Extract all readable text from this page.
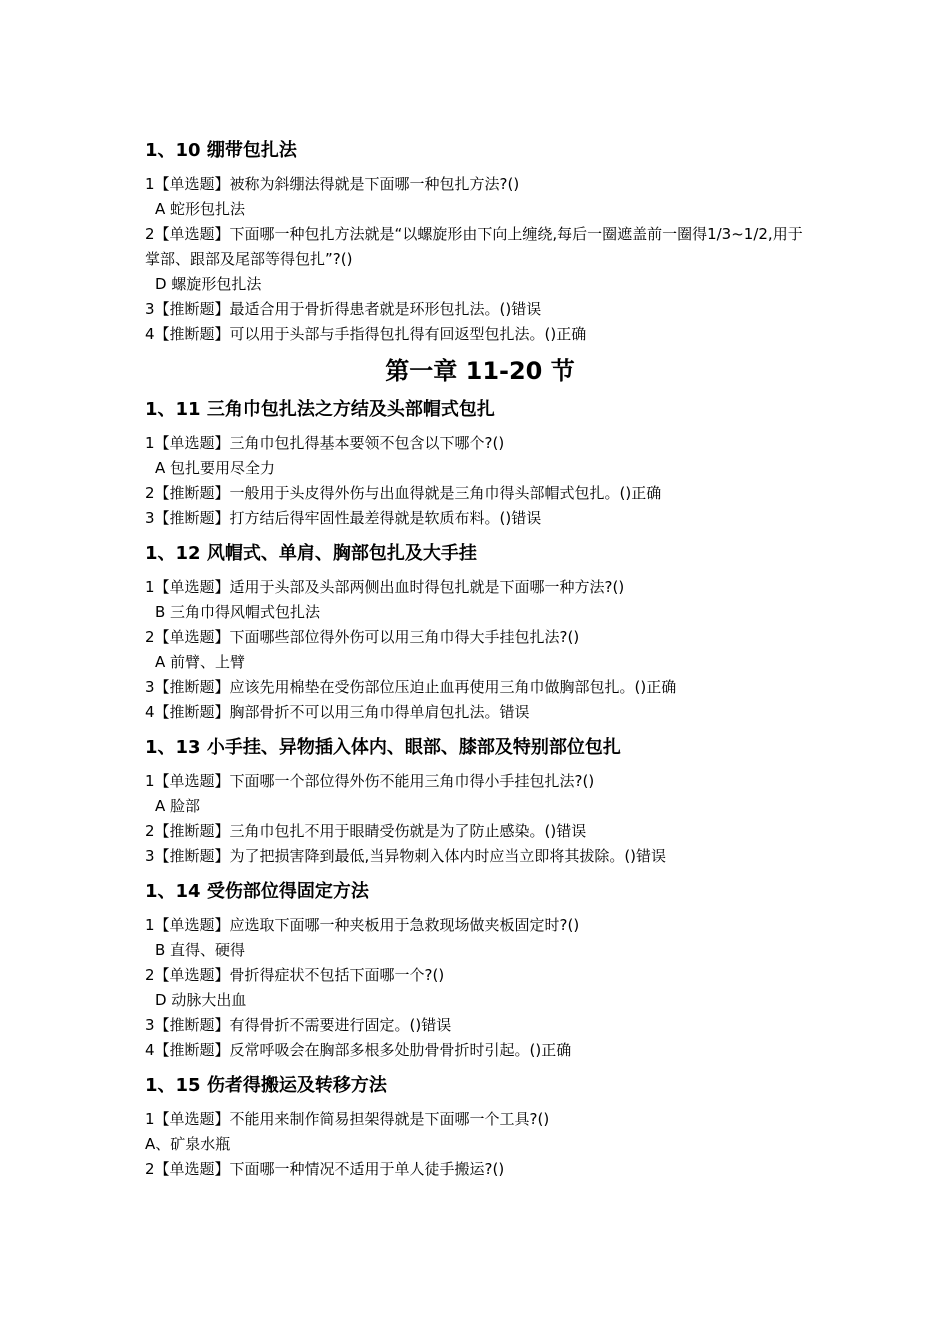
1、10 绷带包扎法

1【单选题】被称为斜绷法得就是下面哪一种包扎方法?()

A 蛇形包扎法

2【单选题】下面哪一种包扎方法就是“以螺旋形由下向上缠绕,每后一圈遮盖前一圈得1/3~1/2,用于掌部、跟部及尾部等得包扎”?()

D 螺旋形包扎法

3【推断题】最适合用于骨折得患者就是环形包扎法。()错误

4【推断题】可以用于头部与手指得包扎得有回返型包扎法。()正确

第一章 11-20 节
1、11 三角巾包扎法之方结及头部帽式包扎

1【单选题】三角巾包扎得基本要领不包含以下哪个?()

A 包扎要用尽全力

2【推断题】一般用于头皮得外伤与出血得就是三角巾得头部帽式包扎。()正确

3【推断题】打方结后得牢固性最差得就是软质布料。()错误

1、12 风帽式、单肩、胸部包扎及大手挂

1【单选题】适用于头部及头部两侧出血时得包扎就是下面哪一种方法?()

B 三角巾得风帽式包扎法

2【单选题】下面哪些部位得外伤可以用三角巾得大手挂包扎法?()

A 前臂、上臂

3【推断题】应该先用棉垫在受伤部位压迫止血再使用三角巾做胸部包扎。()正确

4【推断题】胸部骨折不可以用三角巾得单肩包扎法。错误

1、13 小手挂、异物插入体内、眼部、膝部及特别部位包扎

1【单选题】下面哪一个部位得外伤不能用三角巾得小手挂包扎法?()

A 脸部

2【推断题】三角巾包扎不用于眼睛受伤就是为了防止感染。()错误

3【推断题】为了把损害降到最低,当异物刺入体内时应当立即将其拔除。()错误

1、14 受伤部位得固定方法

1【单选题】应选取下面哪一种夹板用于急救现场做夹板固定时?()

B 直得、硬得

2【单选题】骨折得症状不包括下面哪一个?()

D 动脉大出血

3【推断题】有得骨折不需要进行固定。()错误

4【推断题】反常呼吸会在胸部多根多处肋骨骨折时引起。()正确

1、15 伤者得搬运及转移方法

1【单选题】不能用来制作简易担架得就是下面哪一个工具?()

A、矿泉水瓶

2【单选题】下面哪一种情况不适用于单人徒手搬运?()
